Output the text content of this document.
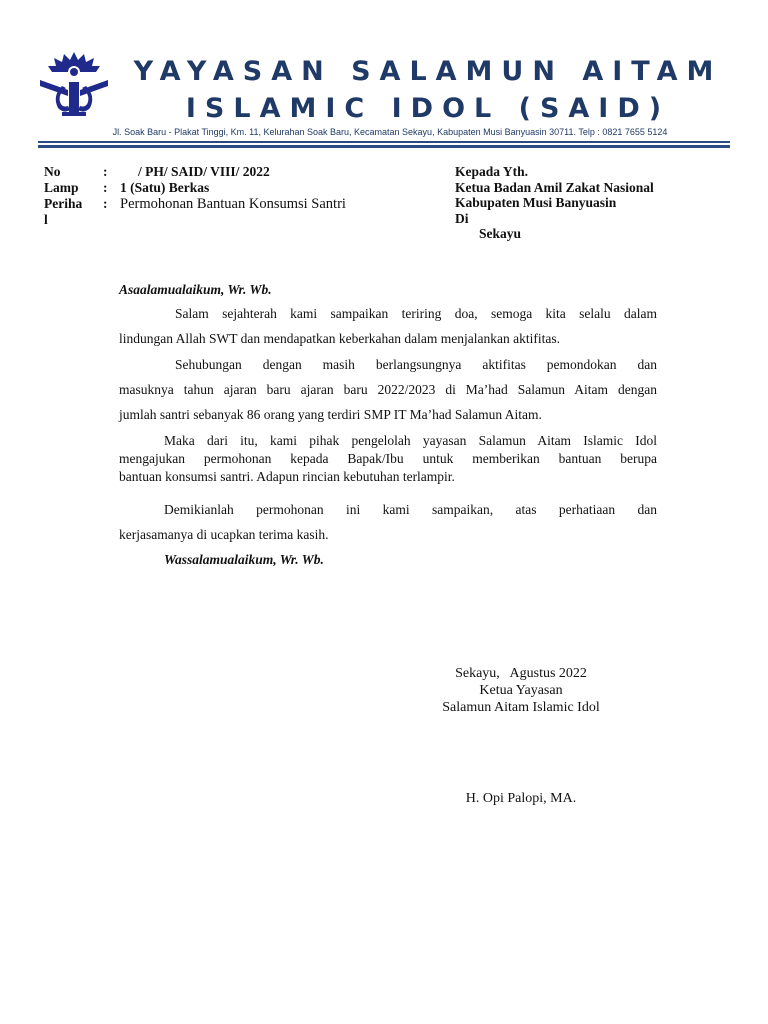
YAYASAN SALAMUN AITAM
ISLAMIC IDOL (SAID)
Jl. Soak Baru - Plakat Tinggi, Km. 11, Kelurahan Soak Baru, Kecamatan Sekayu, Kabupaten Musi Banyuasin 30711. Telp : 0821 7655 5124
No	: / PH/ SAID/ VIII/ 2022
Lamp : 1 (Satu) Berkas
Periha : Permohonan Bantuan Konsumsi Santri
l
Kepada Yth.
Ketua Badan Amil Zakat Nasional
Kabupaten Musi Banyuasin
Di
Sekayu
Asaalamualaikum, Wr. Wb.
Salam sejahterah kami sampaikan teriring doa, semoga kita selalu dalam
lindungan Allah SWT dan mendapatkan keberkahan dalam menjalankan aktifitas.
Sehubungan dengan masih berlangsungnya aktifitas pemondokan dan
masuknya tahun ajaran baru ajaran baru 2022/2023 di Ma’had Salamun Aitam dengan
jumlah santri sebanyak 86 orang yang terdiri SMP IT Ma’had Salamun Aitam.
Maka dari itu, kami pihak pengelolah yayasan Salamun Aitam Islamic Idol
mengajukan permohonan kepada Bapak/Ibu untuk memberikan bantuan berupa
bantuan konsumsi santri. Adapun rincian kebutuhan terlampir.
Demikianlah permohonan ini kami sampaikan, atas perhatiaan dan
kerjasamanya di ucapkan terima kasih.
Wassalamualaikum, Wr. Wb.
Sekayu,   Agustus 2022
Ketua Yayasan
Salamun Aitam Islamic Idol
H. Opi Palopi, MA.
